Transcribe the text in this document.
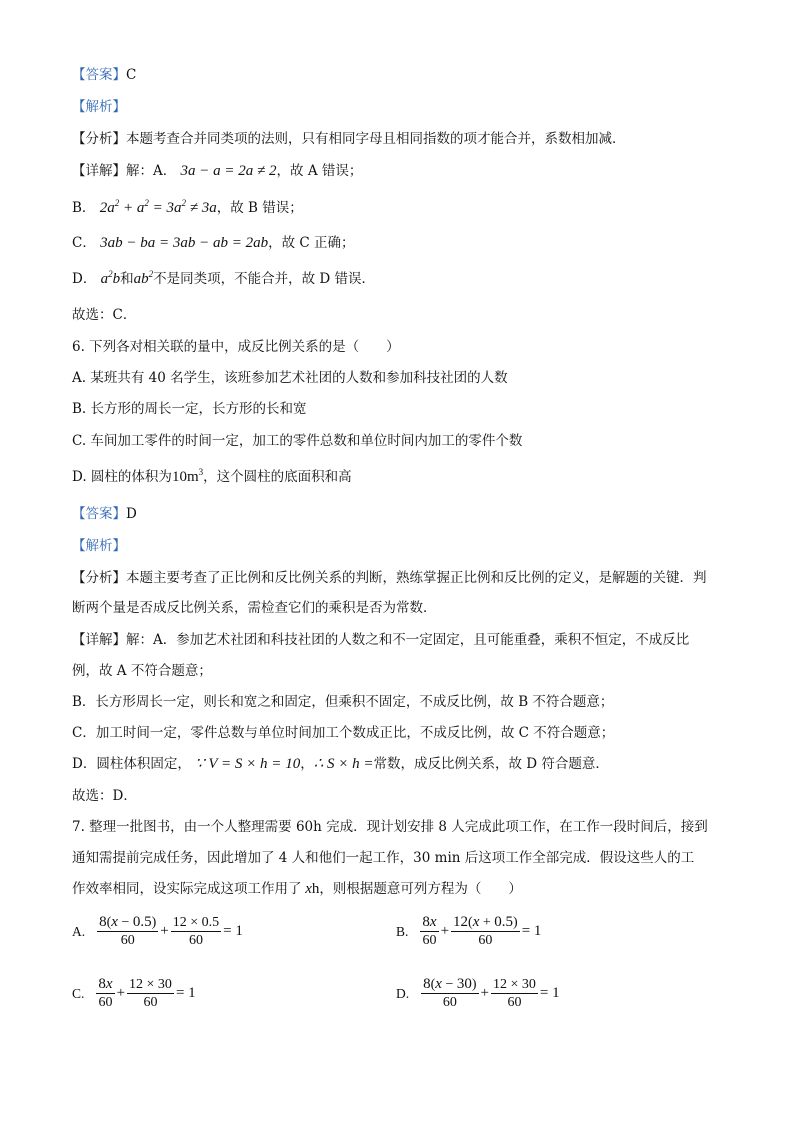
【答案】C
【解析】
【分析】本题考查合并同类项的法则，只有相同字母且相同指数的项才能合并，系数相加减．
【详解】解：A． 3a − a = 2a ≠ 2，故 A 错误；
B． $2a^2 + a^2 = 3a^2 \ne 3a$，故 B 错误；
C． 3ab − ba = 3ab − ab = 2ab，故 C 正确；
D． $a^2b$和$ab^2$不是同类项，不能合并，故 D 错误．
故选：C．
6. 下列各对相关联的量中，成反比例关系的是（　　）
A. 某班共有 40 名学生，该班参加艺术社团的人数和参加科技社团的人数
B. 长方形的周长一定，长方形的长和宽
C. 车间加工零件的时间一定，加工的零件总数和单位时间内加工的零件个数
D. 圆柱的体积为$10m^3$，这个圆柱的底面积和高
【答案】D
【解析】
【分析】本题主要考查了正比例和反比例关系的判断，熟练掌握正比例和反比例的定义，是解题的关键．判
断两个量是否成反比例关系，需检查它们的乘积是否为常数．
【详解】解：A．参加艺术社团和科技社团的人数之和不一定固定，且可能重叠，乘积不恒定，不成反比
例，故 A 不符合题意；
B．长方形周长一定，则长和宽之和固定，但乘积不固定，不成反比例，故 B 不符合题意；
C．加工时间一定，零件总数与单位时间加工个数成正比，不成反比例，故 C 不符合题意；
D．圆柱体积固定， ∵ V = S × h = 10，∴ S × h =常数，成反比例关系，故 D 符合题意．
故选：D．
7. 整理一批图书，由一个人整理需要 60h 完成．现计划安排 8 人完成此项工作，在工作一段时间后，接到
通知需提前完成任务，因此增加了 4 人和他们一起工作，30 min 后这项工作全部完成．假设这些人的工
作效率相同，设实际完成这项工作用了 xh，则根据题意可列方程为（　　）
A. $\frac{8(x - 0.5)}{60} + \frac{12 \times 0.5}{60} = 1$	B. $\frac{8x}{60} + \frac{12(x + 0.5)}{60} = 1$
C. $\frac{8x}{60} + \frac{12 \times 30}{60} = 1$	D. $\frac{8(x - 30)}{60} + \frac{12 \times 30}{60} = 1$
